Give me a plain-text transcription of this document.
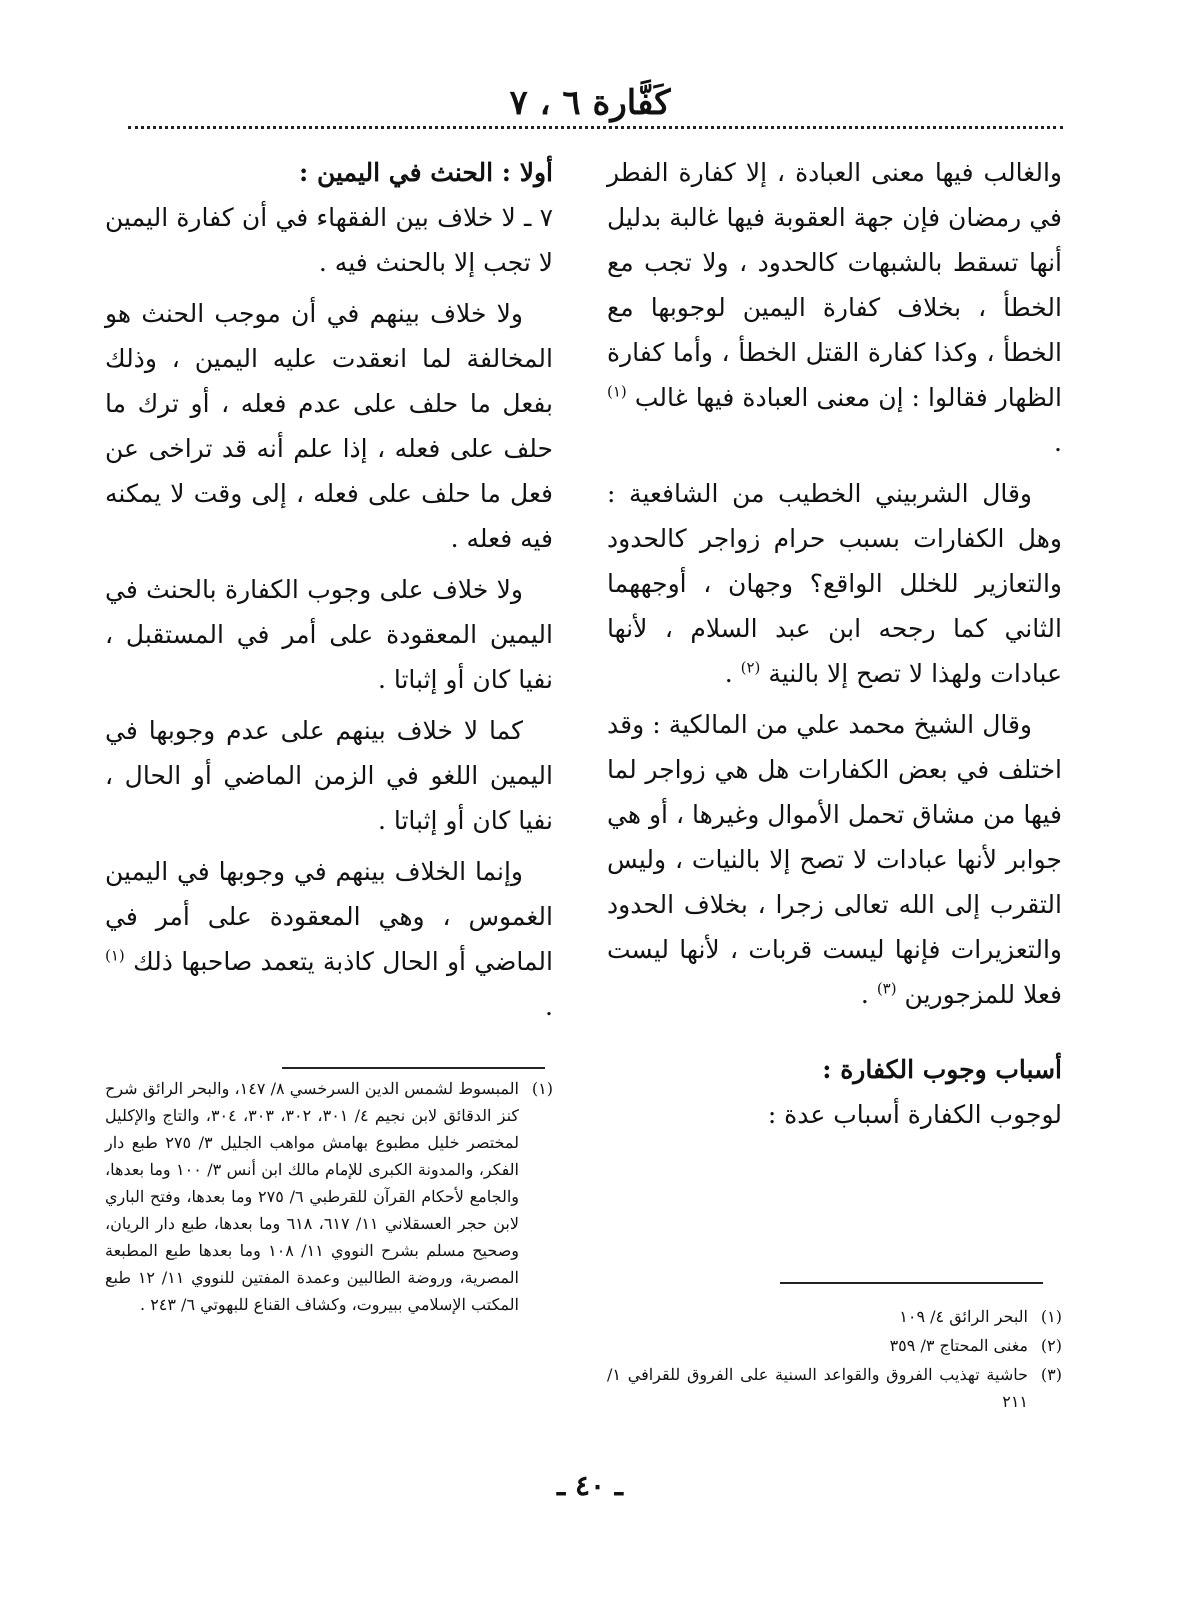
كَفَّارة ٦ ، ٧

والغالب فيها معنى العبادة ، إلا كفارة الفطر في رمضان فإن جهة العقوبة فيها غالبة بدليل أنها تسقط بالشبهات كالحدود ، ولا تجب مع الخطأ ، بخلاف كفارة اليمين لوجوبها مع الخطأ ، وكذا كفارة القتل الخطأ ، وأما كفارة الظهار فقالوا : إن معنى العبادة فيها غالب $^{(١)}$ .

وقال الشربيني الخطيب من الشافعية : وهل الكفارات بسبب حرام زواجر كالحدود والتعازير للخلل الواقع؟ وجهان ، أوجههما الثاني كما رجحه ابن عبد السلام ، لأنها عبادات ولهذا لا تصح إلا بالنية $^{(٢)}$ .

وقال الشيخ محمد علي من المالكية : وقد اختلف في بعض الكفارات هل هي زواجر لما فيها من مشاق تحمل الأموال وغيرها ، أو هي جوابر لأنها عبادات لا تصح إلا بالنيات ، وليس التقرب إلى الله تعالى زجرا ، بخلاف الحدود والتعزيرات فإنها ليست قربات ، لأنها ليست فعلا للمزجورين $^{(٣)}$ .

أسباب وجوب الكفارة :

لوجوب الكفارة أسباب عدة :

أولا : الحنث في اليمين :

٧ ـ لا خلاف بين الفقهاء في أن كفارة اليمين لا تجب إلا بالحنث فيه .

ولا خلاف بينهم في أن موجب الحنث هو المخالفة لما انعقدت عليه اليمين ، وذلك بفعل ما حلف على عدم فعله ، أو ترك ما حلف على فعله ، إذا علم أنه قد تراخى عن فعل ما حلف على فعله ، إلى وقت لا يمكنه فيه فعله .

ولا خلاف على وجوب الكفارة بالحنث في اليمين المعقودة على أمر في المستقبل ، نفيا كان أو إثباتا .

كما لا خلاف بينهم على عدم وجوبها في اليمين اللغو في الزمن الماضي أو الحال ، نفيا كان أو إثباتا .

وإنما الخلاف بينهم في وجوبها في اليمين الغموس ، وهي المعقودة على أمر في الماضي أو الحال كاذبة يتعمد صاحبها ذلك $^{(١)}$ .

(١)المبسوط لشمس الدين السرخسي ٨/ ١٤٧، والبحر الرائق شرح كنز الدقائق لابن نجيم ٤/ ٣٠١، ٣٠٢، ٣٠٣، ٣٠٤، والتاج والإكليل لمختصر خليل مطبوع بهامش مواهب الجليل ٣/ ٢٧٥ طبع دار الفكر، والمدونة الكبرى للإمام مالك ابن أنس ٣/ ١٠٠ وما بعدها، والجامع لأحكام القرآن للقرطبي ٦/ ٢٧٥ وما بعدها، وفتح الباري لابن حجر العسقلاني ١١/ ٦١٧، ٦١٨ وما بعدها، طبع دار الريان، وصحيح مسلم بشرح النووي ١١/ ١٠٨ وما بعدها طبع المطبعة المصرية، وروضة الطالبين وعمدة المفتين للنووي ١١/ ١٢ طبع المكتب الإسلامي ببيروت، وكشاف القناع للبهوتي ٦/ ٢٤٣ .

(١)البحر الرائق ٤/ ١٠٩

(٢)مغنى المحتاج ٣/ ٣٥٩

(٣)حاشية تهذيب الفروق والقواعد السنية على الفروق للقرافي ١/ ٢١١

ـ ٤٠ ـ
